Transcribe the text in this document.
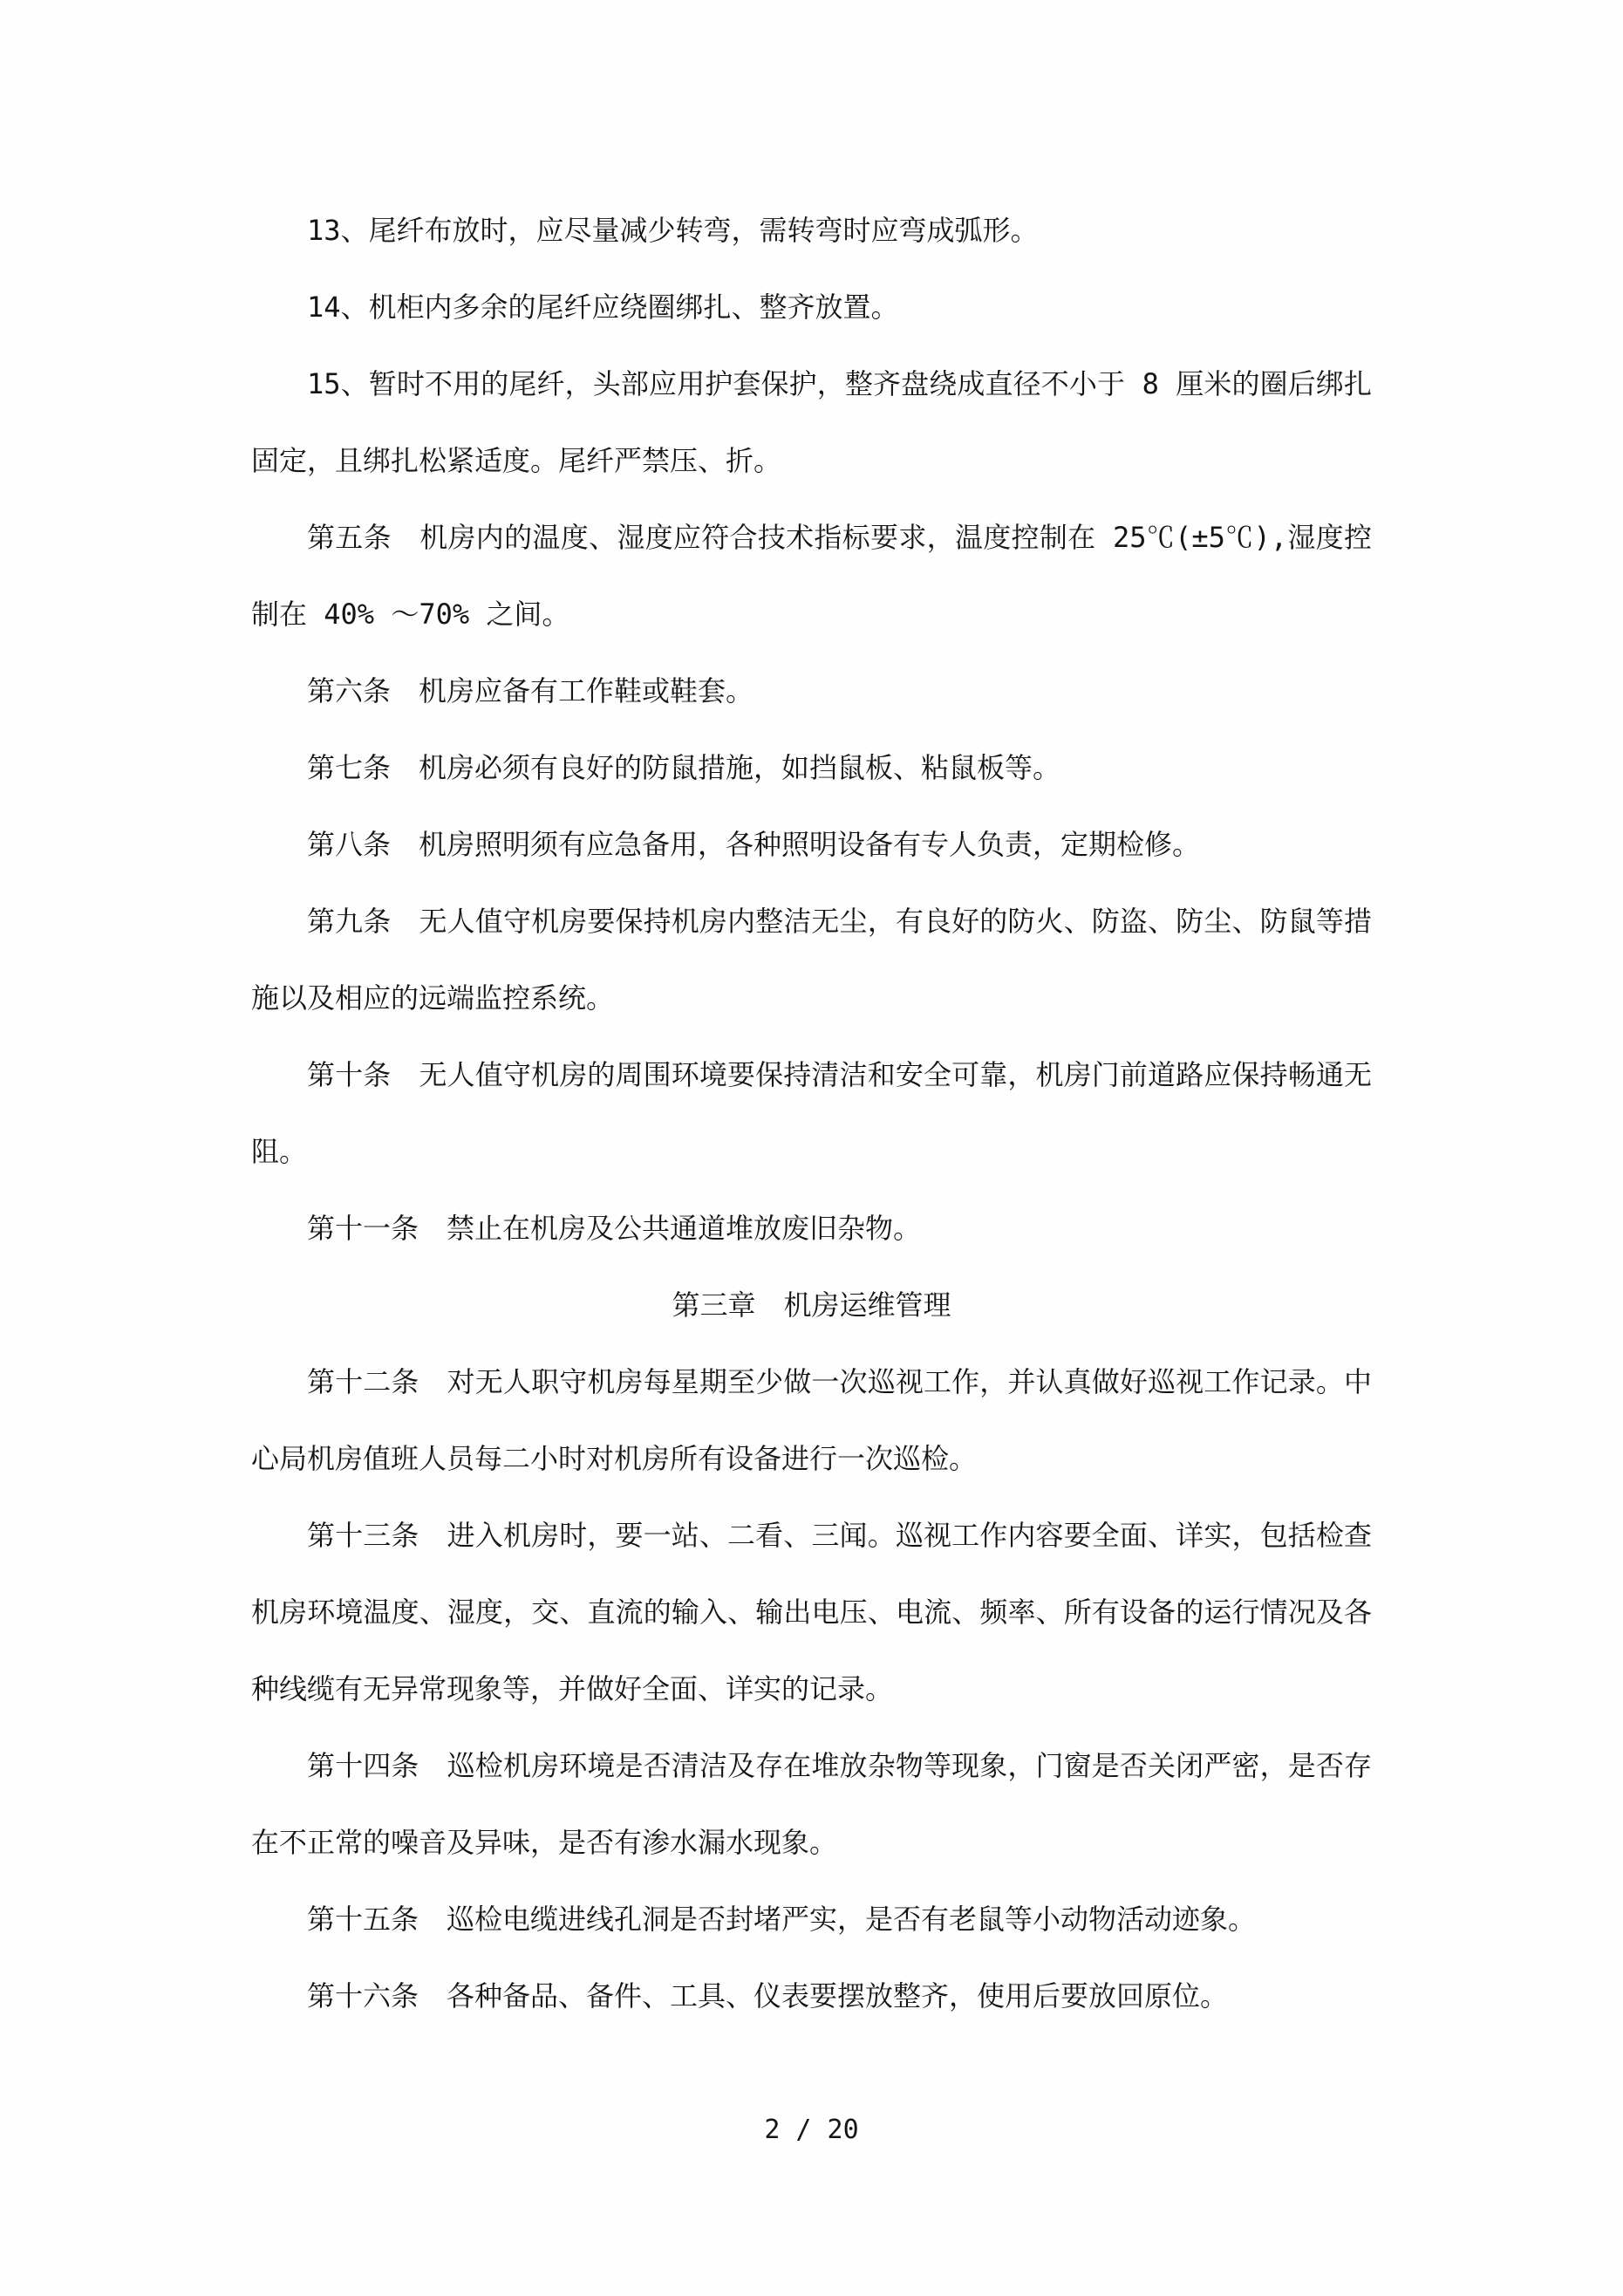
13、尾纤布放时，应尽量减少转弯，需转弯时应弯成弧形。

14、机柜内多余的尾纤应绕圈绑扎、整齐放置。

15、暂时不用的尾纤，头部应用护套保护，整齐盘绕成直径不小于 8 厘米的圈后绑扎固定，且绑扎松紧适度。尾纤严禁压、折。

第五条　机房内的温度、湿度应符合技术指标要求，温度控制在 25℃(±5℃),湿度控制在 40% ～70% 之间。

第六条　机房应备有工作鞋或鞋套。

第七条　机房必须有良好的防鼠措施，如挡鼠板、粘鼠板等。

第八条　机房照明须有应急备用，各种照明设备有专人负责，定期检修。

第九条　无人值守机房要保持机房内整洁无尘，有良好的防火、防盗、防尘、防鼠等措施以及相应的远端监控系统。

第十条　无人值守机房的周围环境要保持清洁和安全可靠，机房门前道路应保持畅通无阻。

第十一条　禁止在机房及公共通道堆放废旧杂物。

第三章　机房运维管理

第十二条　对无人职守机房每星期至少做一次巡视工作，并认真做好巡视工作记录。中心局机房值班人员每二小时对机房所有设备进行一次巡检。

第十三条　进入机房时，要一站、二看、三闻。巡视工作内容要全面、详实，包括检查机房环境温度、湿度，交、直流的输入、输出电压、电流、频率、所有设备的运行情况及各种线缆有无异常现象等，并做好全面、详实的记录。

第十四条　巡检机房环境是否清洁及存在堆放杂物等现象，门窗是否关闭严密，是否存在不正常的噪音及异味，是否有渗水漏水现象。

第十五条　巡检电缆进线孔洞是否封堵严实，是否有老鼠等小动物活动迹象。

第十六条　各种备品、备件、工具、仪表要摆放整齐，使用后要放回原位。

2 / 20
